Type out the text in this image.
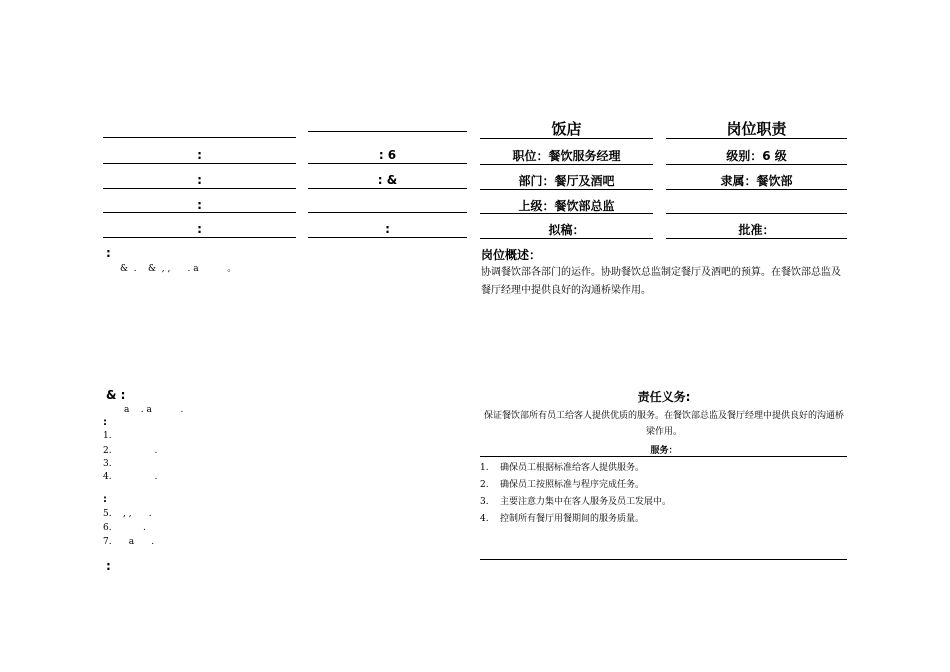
:	: 6
:	: &
:
:	:
:
&  .    &  , ,      . a          。
& :
a    . a          .
:
1.
2.               .
3.
4.               .
:
5.    , ,      .
6.           .
7.      a      .
:
饭店	岗位职责
职位：餐饮服务经理	级别：6 级
部门：餐厅及酒吧	隶属：餐饮部
上级：餐饮部总监
拟稿：	批准：
岗位概述：
协调餐饮部各部门的运作。协助餐饮总监制定餐厅及酒吧的预算。在餐饮部总监及餐厅经理中提供良好的沟通桥梁作用。
责任义务:
保证餐饮部所有员工给客人提供优质的服务。在餐饮部总监及餐厅经理中提供良好的沟通桥梁作用。
服务：
1.	确保员工根据标准给客人提供服务。
2.	确保员工按照标准与程序完成任务。
3.	主要注意力集中在客人服务及员工发展中。
4.	控制所有餐厅用餐期间的服务质量。
